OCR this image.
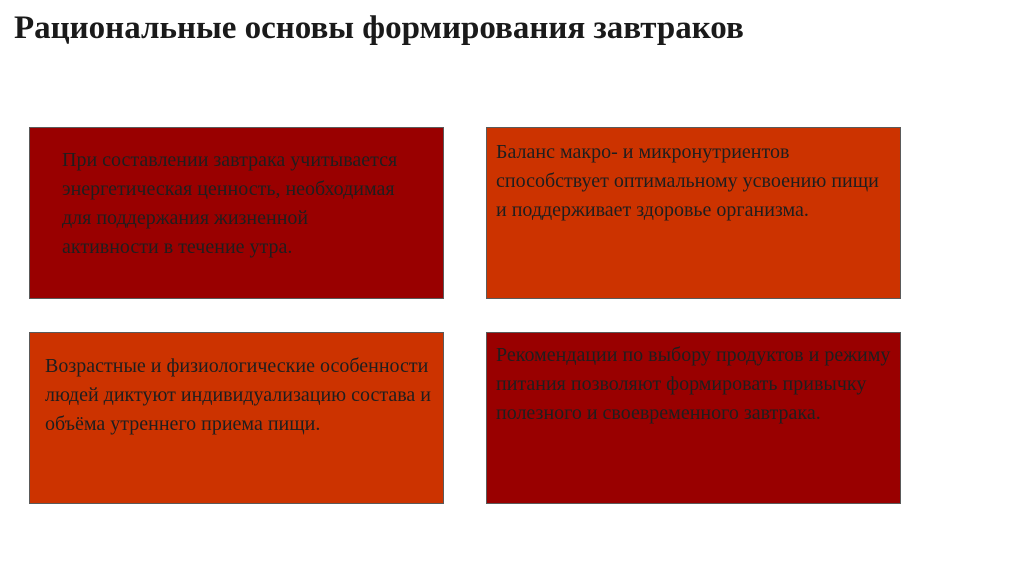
Рациональные основы формирования завтраков

При составлении завтрака учитывается энергетическая ценность, необходимая для поддержания жизненной активности в течение утра.

Баланс макро- и микронутриентов способствует оптимальному усвоению пищи и поддерживает здоровье организма.

Возрастные и физиологические особенности людей диктуют индивидуализацию состава и объёма утреннего приема пищи.

Рекомендации по выбору продуктов и режиму питания позволяют формировать привычку полезного и своевременного завтрака.
